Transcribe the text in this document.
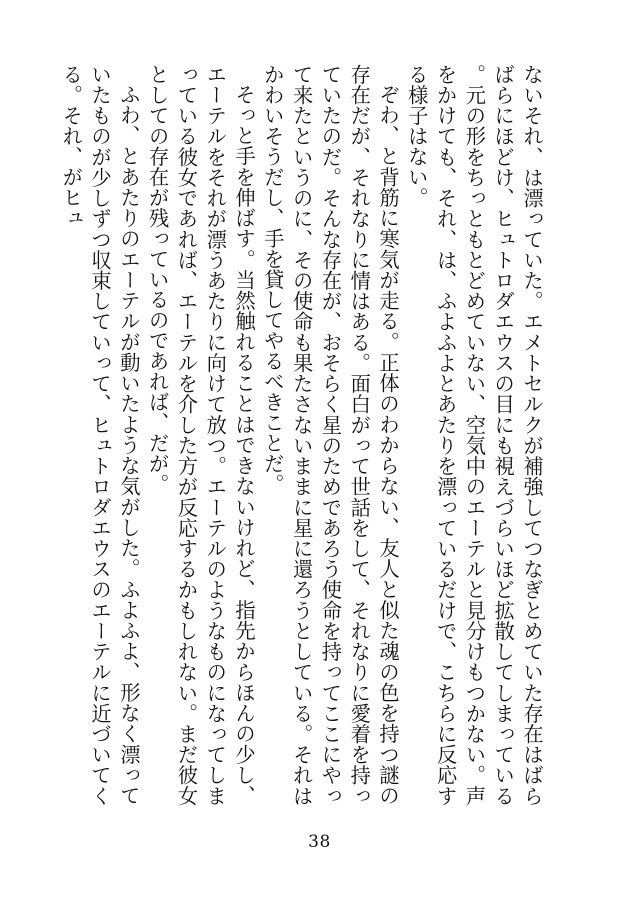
ないそれ、は漂っていた。エメトセルクが補強してつなぎとめていた存在はばらばらにほどけ、ヒュトロダエウスの目にも視えづらいほど拡散してしまっている。元の形をちっともとどめていない、空気中のエーテルと見分けもつかない。声をかけても、それ、は、ふよふよとあたりを漂っているだけで、こちらに反応する様子はない。

ぞわ、と背筋に寒気が走る。正体のわからない、友人と似た魂の色を持つ謎の存在だが、それなりに情はある。面白がって世話をして、それなりに愛着を持っていたのだ。そんな存在が、おそらく星のためであろう使命を持ってここにやって来たというのに、その使命も果たさないままに星に還ろうとしている。それはかわいそうだし、手を貸してやるべきことだ。

そっと手を伸ばす。当然触れることはできないけれど、指先からほんの少し、エーテルをそれが漂うあたりに向けて放つ。エーテルのようなものになってしまっている彼女であれば、エーテルを介した方が反応するかもしれない。まだ彼女としての存在が残っているのであれば、だが。

ふわ、とあたりのエーテルが動いたような気がした。ふよふよ、形なく漂っていたものが少しずつ収束していって、ヒュトロダエウスのエーテルに近づいてくる。それ、がヒュ

38
